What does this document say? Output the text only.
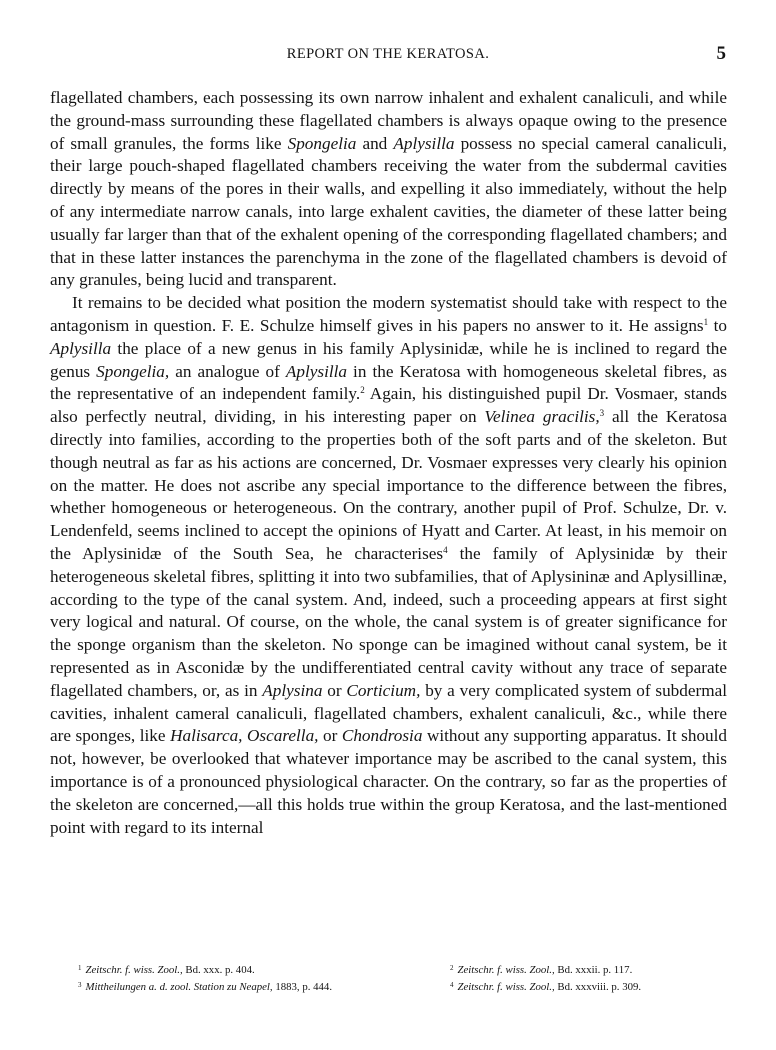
REPORT ON THE KERATOSA.	5

flagellated chambers, each possessing its own narrow inhalent and exhalent canaliculi, and while the ground-mass surrounding these flagellated chambers is always opaque owing to the presence of small granules, the forms like Spongelia and Aplysilla possess no special cameral canaliculi, their large pouch-shaped flagellated chambers receiving the water from the subdermal cavities directly by means of the pores in their walls, and expelling it also immediately, without the help of any intermediate narrow canals, into large exhalent cavities, the diameter of these latter being usually far larger than that of the exhalent opening of the corresponding flagellated chambers; and that in these latter instances the parenchyma in the zone of the flagellated chambers is devoid of any granules, being lucid and transparent.

It remains to be decided what position the modern systematist should take with respect to the antagonism in question. F. E. Schulze himself gives in his papers no answer to it. He assigns$^1$ to Aplysilla the place of a new genus in his family Aplysinidæ, while he is inclined to regard the genus Spongelia, an analogue of Aplysilla in the Keratosa with homogeneous skeletal fibres, as the representative of an independent family.$^2$ Again, his distinguished pupil Dr. Vosmaer, stands also perfectly neutral, dividing, in his interesting paper on Velinea gracilis,$^3$ all the Keratosa directly into families, according to the properties both of the soft parts and of the skeleton. But though neutral as far as his actions are concerned, Dr. Vosmaer expresses very clearly his opinion on the matter. He does not ascribe any special importance to the difference between the fibres, whether homogeneous or heterogeneous. On the contrary, another pupil of Prof. Schulze, Dr. v. Lendenfeld, seems inclined to accept the opinions of Hyatt and Carter. At least, in his memoir on the Aplysinidæ of the South Sea, he characterises$^4$ the family of Aplysinidæ by their heterogeneous skeletal fibres, splitting it into two subfamilies, that of Aplysininæ and Aplysillinæ, according to the type of the canal system. And, indeed, such a proceeding appears at first sight very logical and natural. Of course, on the whole, the canal system is of greater significance for the sponge organism than the skeleton. No sponge can be imagined without canal system, be it represented as in Asconidæ by the undifferentiated central cavity without any trace of separate flagellated chambers, or, as in Aplysina or Corticium, by a very complicated system of subdermal cavities, inhalent cameral canaliculi, flagellated chambers, exhalent canaliculi, &c., while there are sponges, like Halisarca, Oscarella, or Chondrosia without any supporting apparatus. It should not, however, be overlooked that whatever importance may be ascribed to the canal system, this importance is of a pronounced physiological character. On the contrary, so far as the properties of the skeleton are concerned,—all this holds true within the group Keratosa, and the last-mentioned point with regard to its internal

$^1$ Zeitschr. f. wiss. Zool., Bd. xxx. p. 404.	$^2$ Zeitschr. f. wiss. Zool., Bd. xxxii. p. 117.
$^3$ Mittheilungen a. d. zool. Station zu Neapel, 1883, p. 444.	$^4$ Zeitschr. f. wiss. Zool., Bd. xxxviii. p. 309.
